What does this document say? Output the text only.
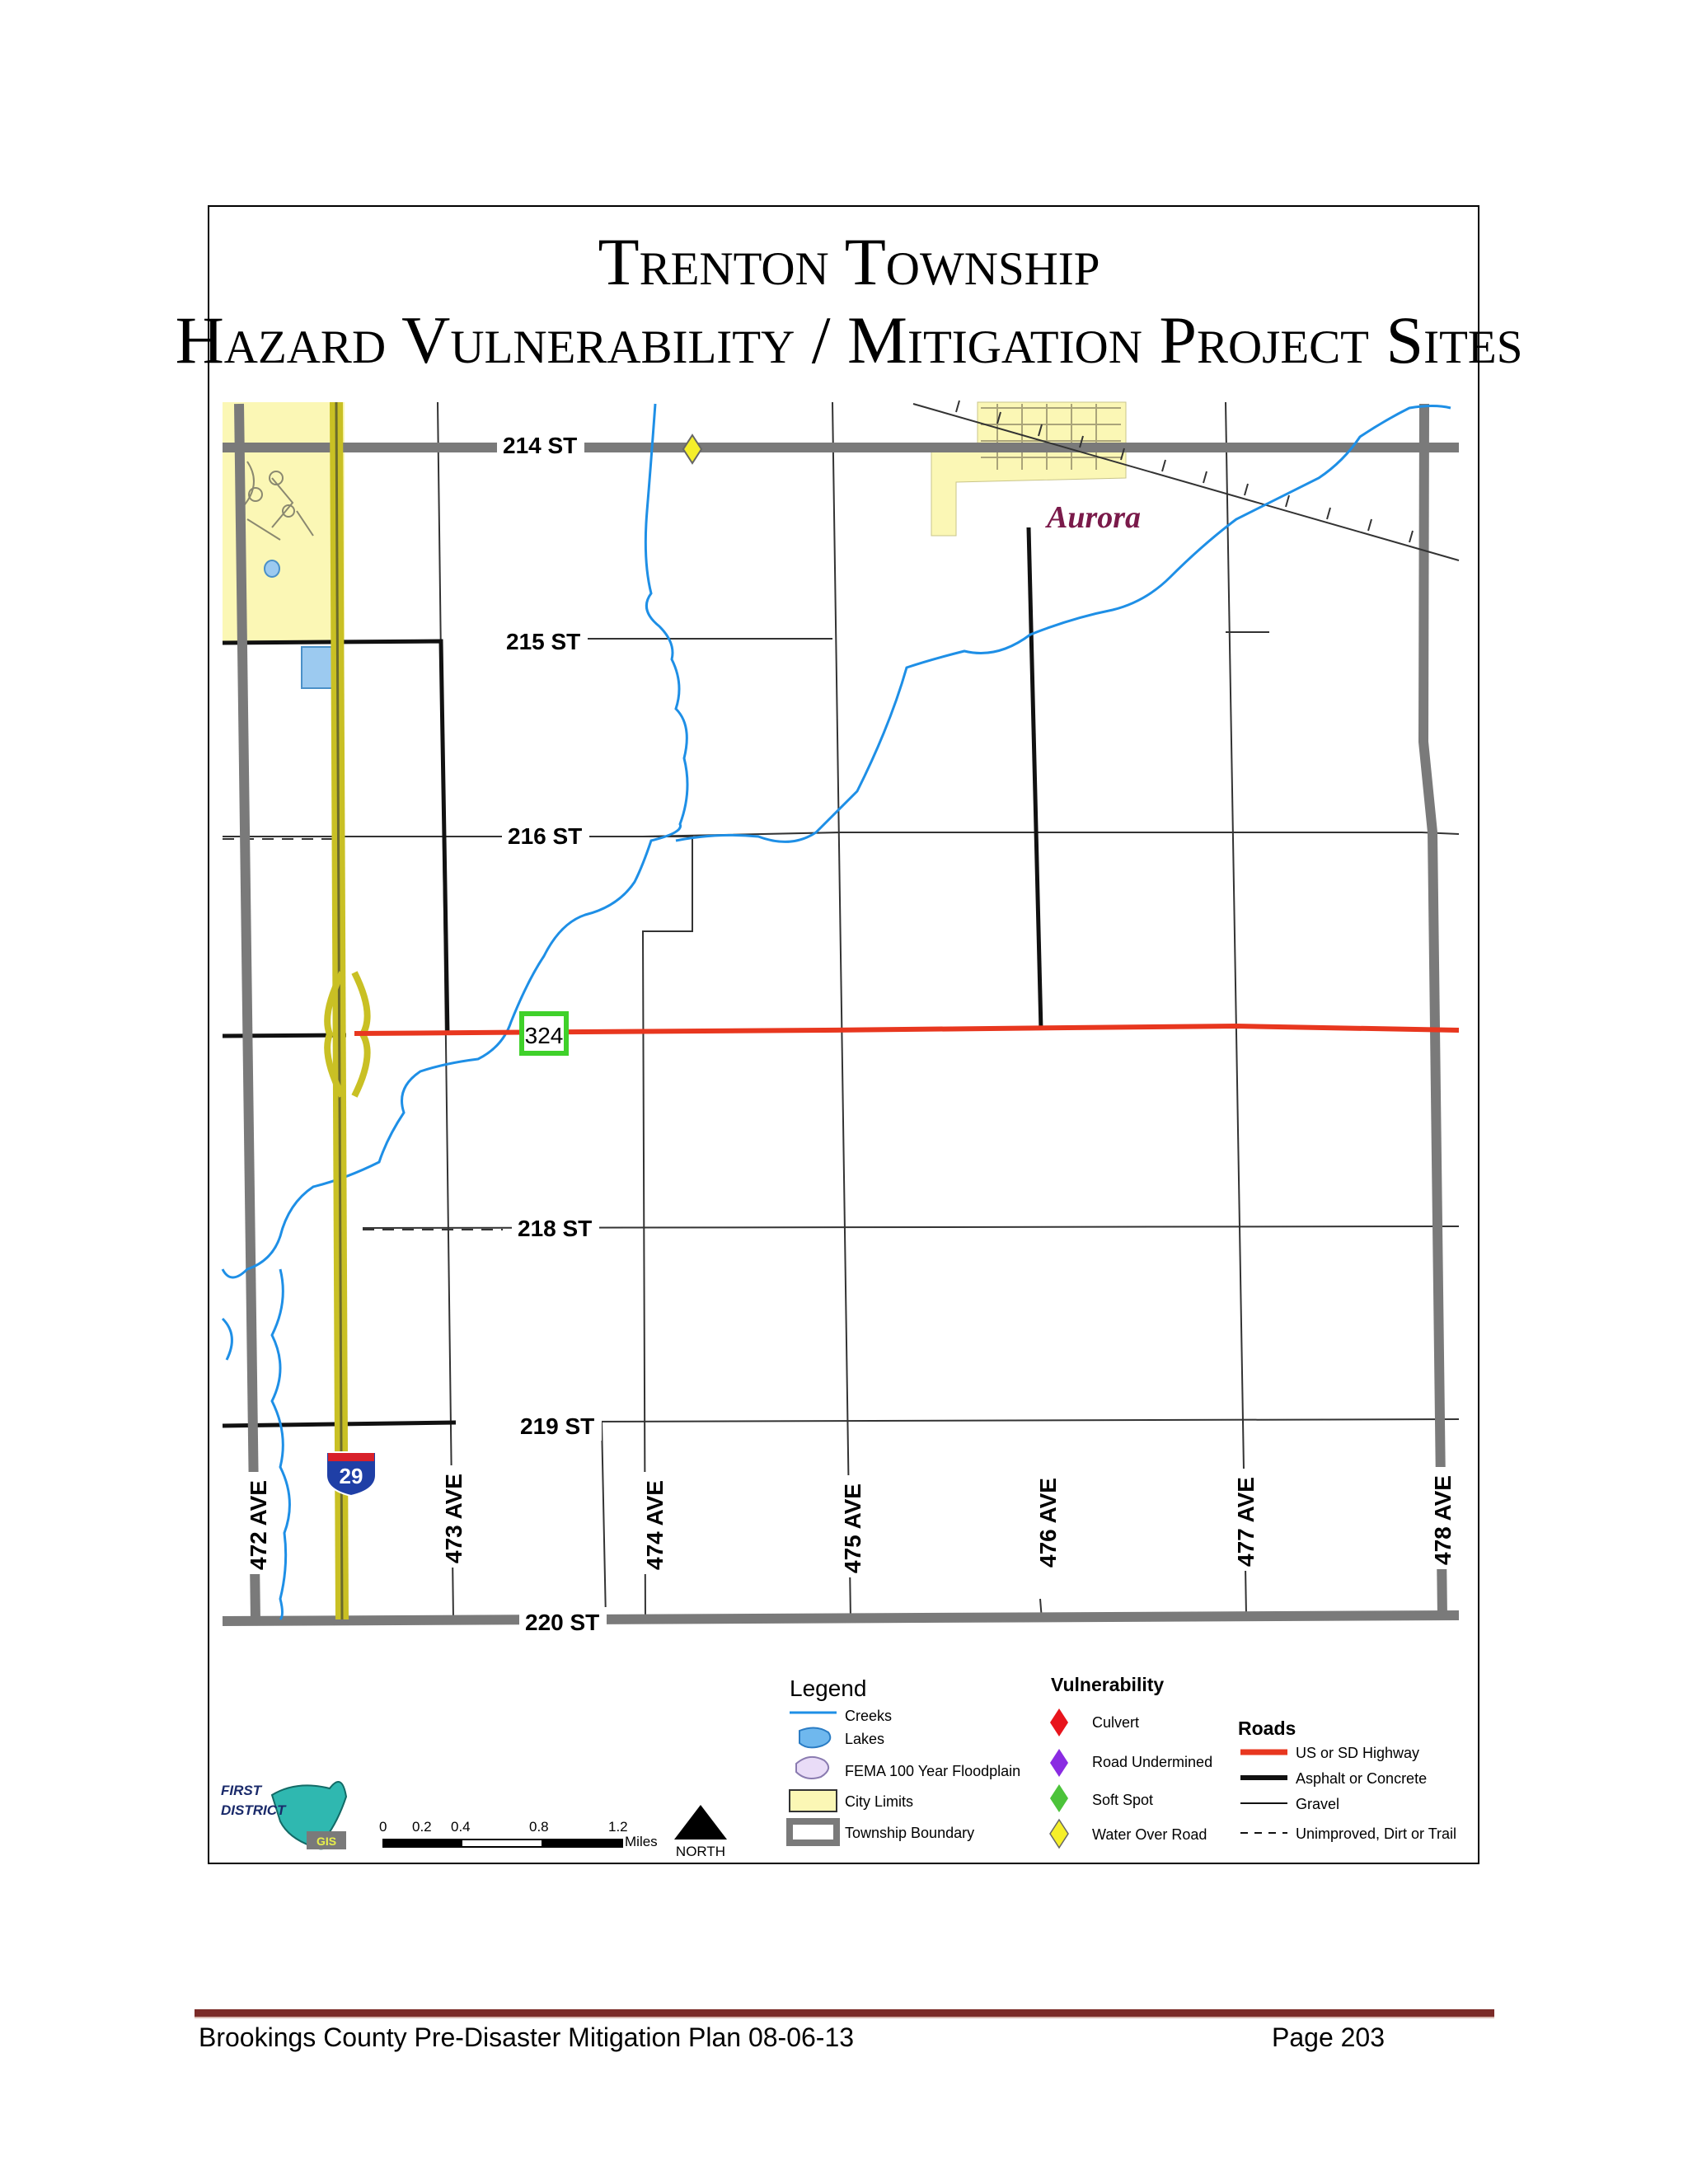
Trenton Township
Hazard Vulnerability / Mitigation Project Sites
324
29
214 ST
215 ST
216 ST
218 ST
219 ST
220 ST
472 AVE	473 AVE	474 AVE	475 AVE	476 AVE	477 AVE	478 AVE
Aurora
Legend
Creeks
Lakes
FEMA 100 Year Floodplain
City Limits
Township Boundary
Vulnerability
Culvert
Road Undermined
Soft Spot
Water Over Road
Roads
US or SD Highway
Asphalt or Concrete
Gravel
Unimproved, Dirt or Trail
0 0.2 0.4	0.8	1.2
Miles
NORTH
FIRST
DISTRICT
GIS
Brookings County Pre-Disaster Mitigation Plan 08-06-13	Page 203
